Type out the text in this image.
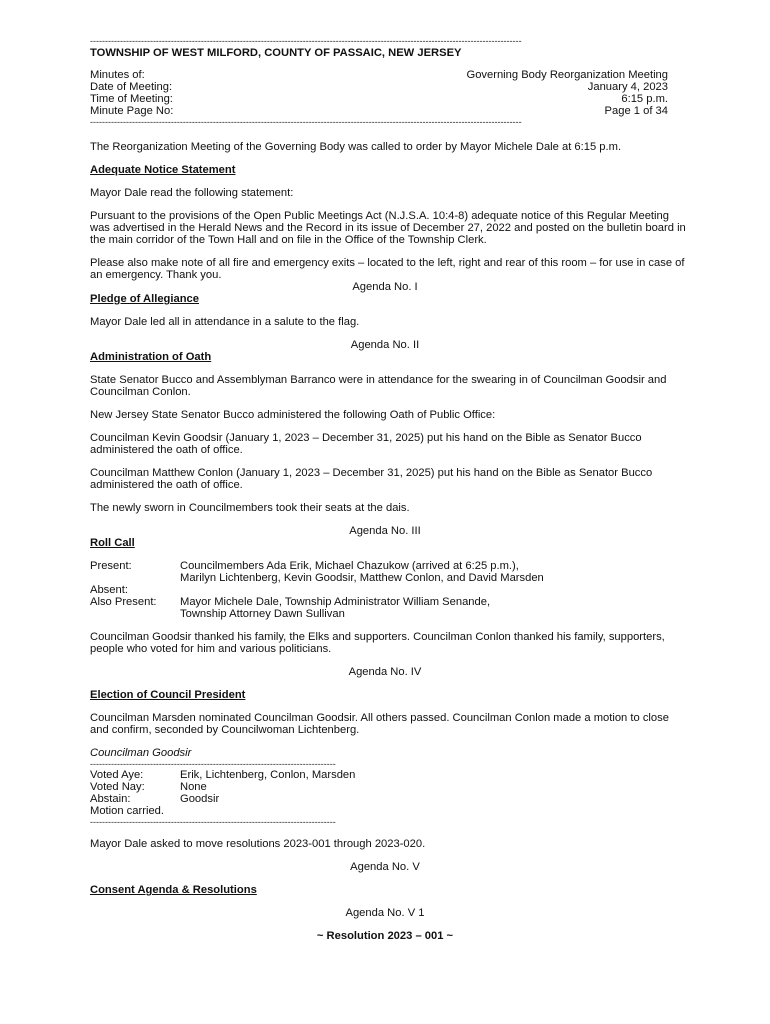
------------------------------------------------------------------------------------------------------------------------------------------------
TOWNSHIP OF WEST MILFORD, COUNTY OF PASSAIC, NEW JERSEY
Minutes of:	Governing Body Reorganization Meeting
Date of Meeting:	January 4, 2023
Time of Meeting:	6:15 p.m.
Minute Page No:	Page 1 of 34
------------------------------------------------------------------------------------------------------------------------------------------------

The Reorganization Meeting of the Governing Body was called to order by Mayor Michele Dale at 6:15 p.m.

Adequate Notice Statement

Mayor Dale read the following statement:

Pursuant to the provisions of the Open Public Meetings Act (N.J.S.A. 10:4-8) adequate notice of this Regular Meeting was advertised in the Herald News and the Record in its issue of December 27, 2022 and posted on the bulletin board in the main corridor of the Town Hall and on file in the Office of the Township Clerk.

Please also make note of all fire and emergency exits – located to the left, right and rear of this room – for use in case of an emergency. Thank you.

Agenda No. I

Pledge of Allegiance

Mayor Dale led all in attendance in a salute to the flag.

Agenda No. II

Administration of Oath

State Senator Bucco and Assemblyman Barranco were in attendance for the swearing in of Councilman Goodsir and Councilman Conlon.

New Jersey State Senator Bucco administered the following Oath of Public Office:

Councilman Kevin Goodsir (January 1, 2023 – December 31, 2025) put his hand on the Bible as Senator Bucco administered the oath of office.

Councilman Matthew Conlon (January 1, 2023 – December 31, 2025) put his hand on the Bible as Senator Bucco administered the oath of office.

The newly sworn in Councilmembers took their seats at the dais.

Agenda No. III

Roll Call

Present:	Councilmembers Ada Erik, Michael Chazukow (arrived at 6:25 p.m.),
Marilyn Lichtenberg, Kevin Goodsir, Matthew Conlon, and David Marsden
Absent:
Also Present:	Mayor Michele Dale, Township Administrator William Senande,
Township Attorney Dawn Sullivan

Councilman Goodsir thanked his family, the Elks and supporters. Councilman Conlon thanked his family, supporters, people who voted for him and various politicians.

Agenda No. IV

Election of Council President

Councilman Marsden nominated Councilman Goodsir. All others passed. Councilman Conlon made a motion to close and confirm, seconded by Councilwoman Lichtenberg.

Councilman Goodsir

----------------------------------------------------------------------------------
Voted Aye:	Erik, Lichtenberg, Conlon, Marsden
Voted Nay:	None
Abstain:	Goodsir

Motion carried.

----------------------------------------------------------------------------------

Mayor Dale asked to move resolutions 2023-001 through 2023-020.

Agenda No. V

Consent Agenda & Resolutions

Agenda No. V 1

~ Resolution 2023 – 001 ~
